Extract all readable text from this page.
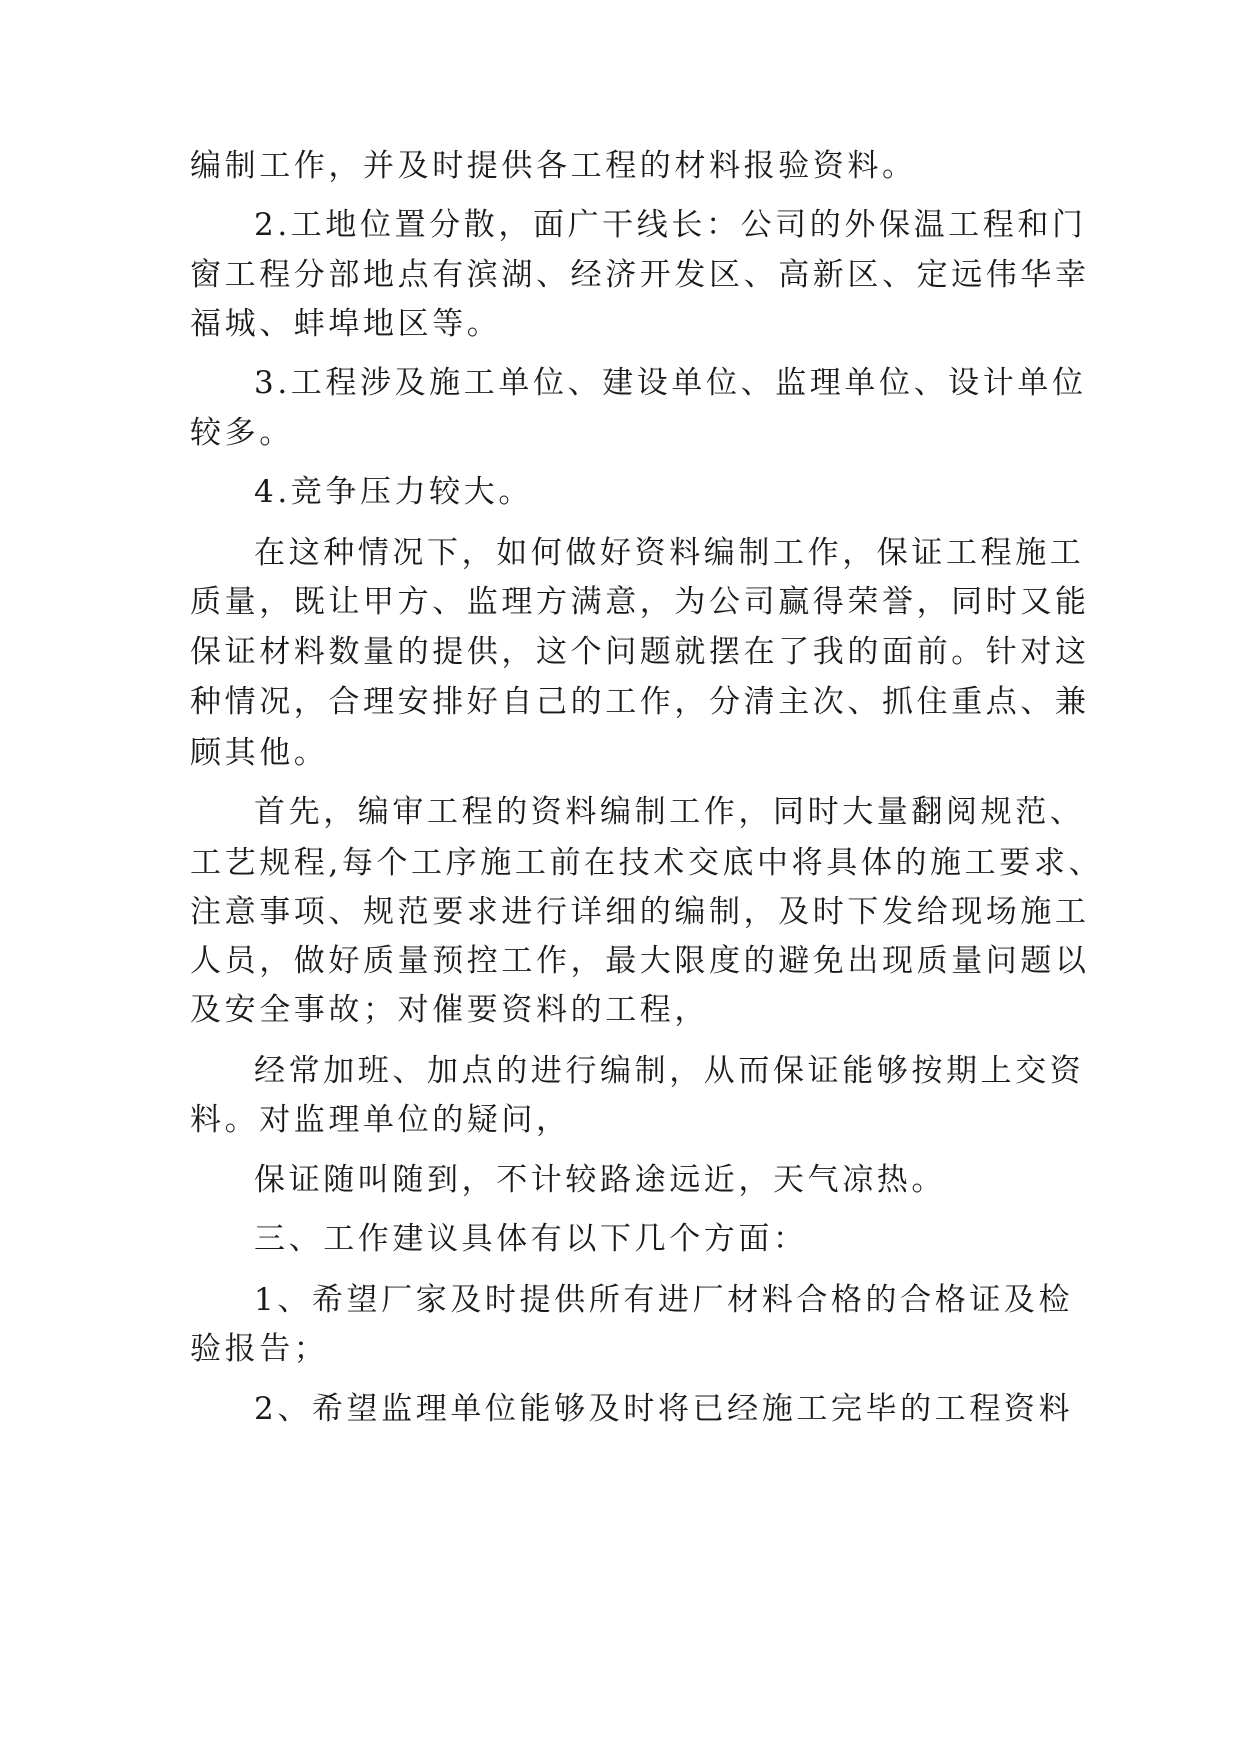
编制工作，并及时提供各工程的材料报验资料。
2.工地位置分散，面广干线长：公司的外保温工程和门
窗工程分部地点有滨湖、经济开发区、高新区、定远伟华幸
福城、蚌埠地区等。
3.工程涉及施工单位、建设单位、监理单位、设计单位
较多。
4.竞争压力较大。
在这种情况下，如何做好资料编制工作，保证工程施工
质量，既让甲方、监理方满意，为公司赢得荣誉，同时又能
保证材料数量的提供，这个问题就摆在了我的面前。针对这
种情况，合理安排好自己的工作，分清主次、抓住重点、兼
顾其他。
首先，编审工程的资料编制工作，同时大量翻阅规范、
工艺规程,每个工序施工前在技术交底中将具体的施工要求、
注意事项、规范要求进行详细的编制，及时下发给现场施工
人员，做好质量预控工作，最大限度的避免出现质量问题以
及安全事故；对催要资料的工程，
经常加班、加点的进行编制，从而保证能够按期上交资
料。对监理单位的疑问，
保证随叫随到，不计较路途远近，天气凉热。
三、工作建议具体有以下几个方面：
1、希望厂家及时提供所有进厂材料合格的合格证及检
验报告；
2、希望监理单位能够及时将已经施工完毕的工程资料
